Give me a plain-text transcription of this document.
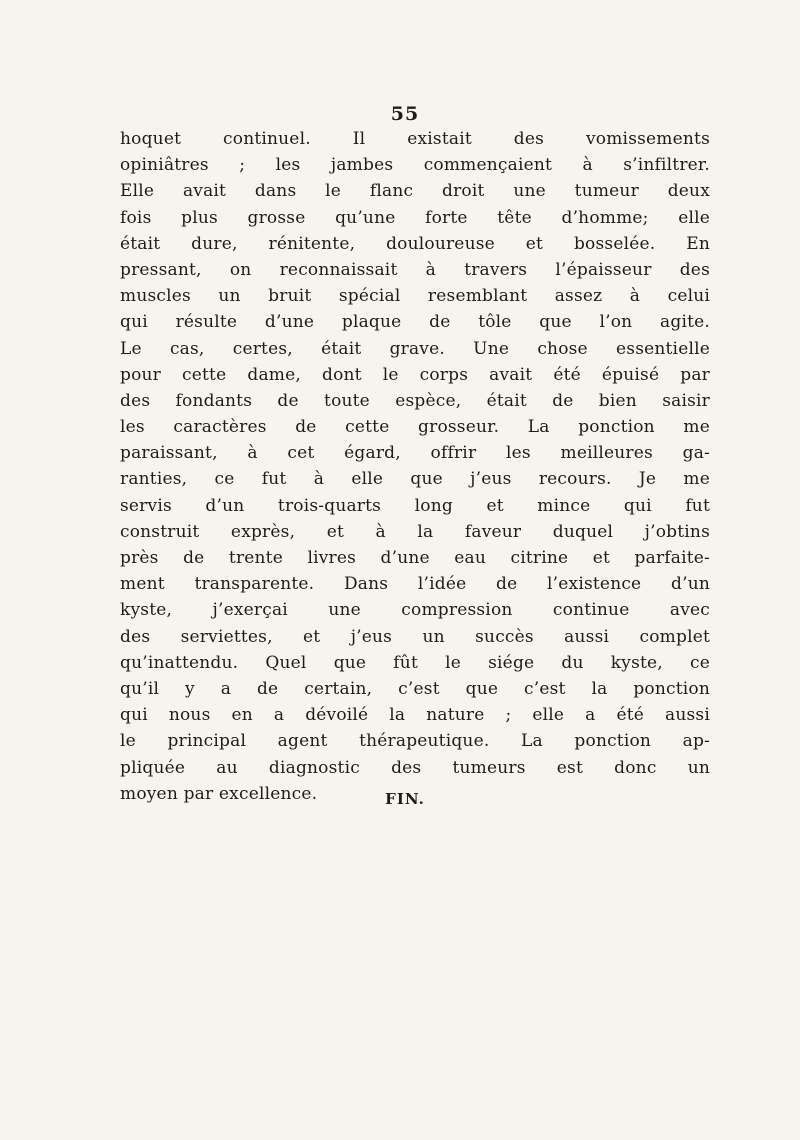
55
hoquet continuel. Il existait des vomissements
opiniâtres ; les jambes commençaient à s’infiltrer.
Elle avait dans le flanc droit une tumeur deux
fois plus grosse qu’une forte tête d’homme; elle
était dure, rénitente, douloureuse et bosselée. En
pressant, on reconnaissait à travers l’épaisseur des
muscles un bruit spécial resemblant assez à celui
qui résulte d’une plaque de tôle que l’on agite.
Le cas, certes, était grave. Une chose essentielle
pour cette dame, dont le corps avait été épuisé par
des fondants de toute espèce, était de bien saisir
les caractères de cette grosseur. La ponction me
paraissant, à cet égard, offrir les meilleures ga-
ranties, ce fut à elle que j’eus recours. Je me
servis d’un trois-quarts long et mince qui fut
construit exprès, et à la faveur duquel j’obtins
près de trente livres d’une eau citrine et parfaite-
ment transparente. Dans l’idée de l’existence d’un
kyste, j’exerçai une compression continue avec
des serviettes, et j’eus un succès aussi complet
qu’inattendu. Quel que fût le siége du kyste, ce
qu’il y a de certain, c’est que c’est la ponction
qui nous en a dévoilé la nature ; elle a été aussi
le principal agent thérapeutique. La ponction ap-
pliquée au diagnostic des tumeurs est donc un
moyen par excellence.	FIN.
